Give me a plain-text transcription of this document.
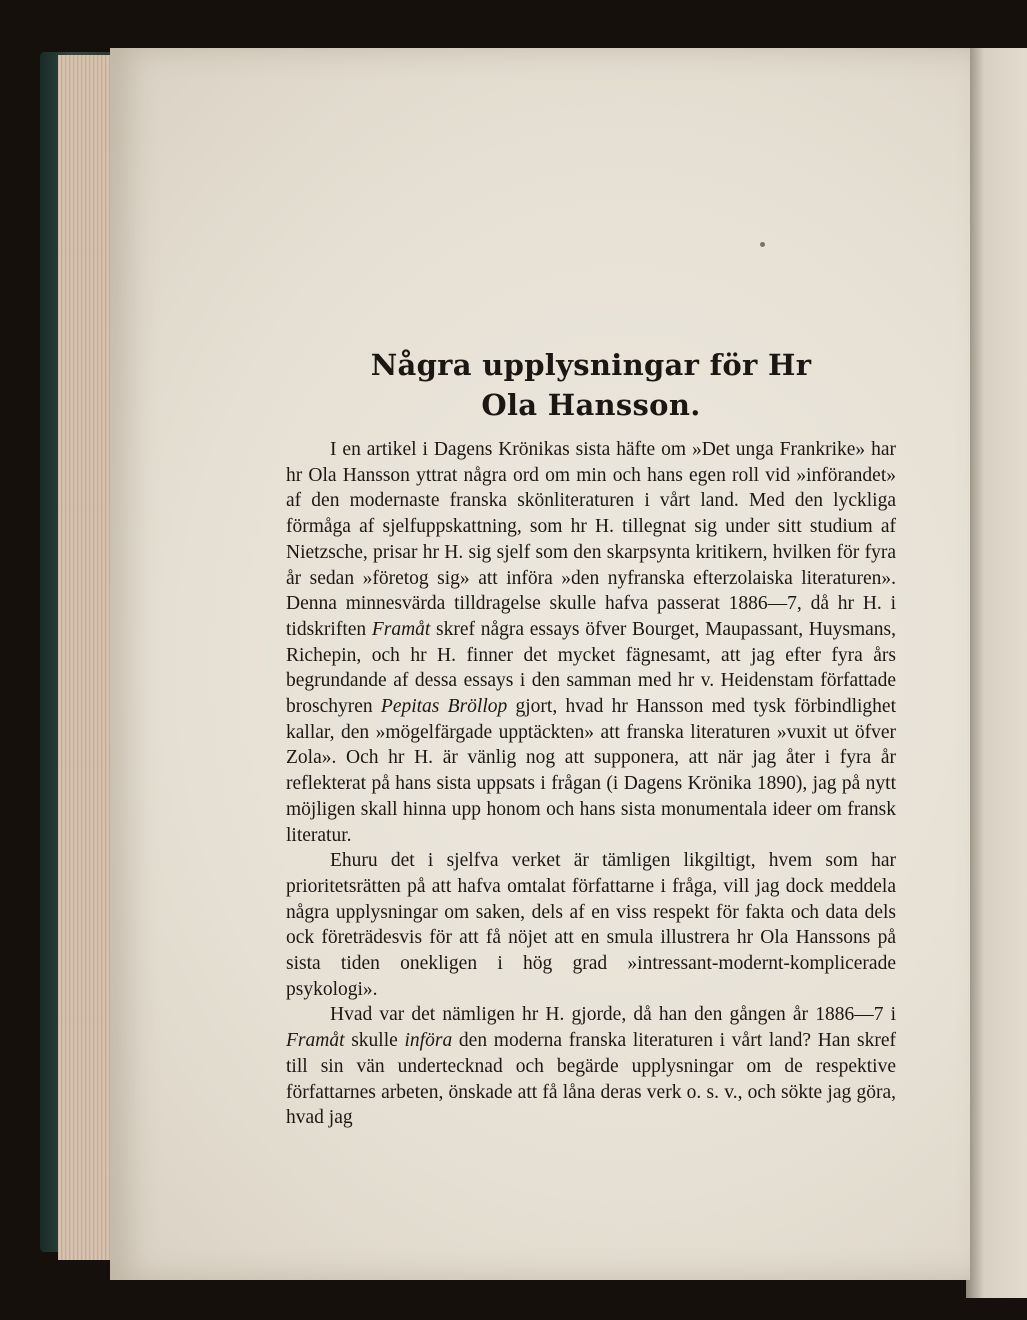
Några upplysningar för Hr
Ola Hansson.

I en artikel i Dagens Krönikas sista häfte om »Det unga Frankrike» har hr Ola Hansson yttrat några ord om min och hans egen roll vid »införandet» af den modernaste franska skönliteraturen i vårt land. Med den lyckliga förmåga af sjelfuppskattning, som hr H. tillegnat sig under sitt studium af Nietzsche, prisar hr H. sig sjelf som den skarpsynta kritikern, hvilken för fyra år sedan »företog sig» att införa »den nyfranska efterzolaiska literaturen». Denna minnesvärda tilldragelse skulle hafva passerat 1886—7, då hr H. i tidskriften Framåt skref några essays öfver Bourget, Maupassant, Huysmans, Richepin, och hr H. finner det mycket fägnesamt, att jag efter fyra års begrundande af dessa essays i den samman med hr v. Heidenstam författade broschyren Pepitas Bröllop gjort, hvad hr Hansson med tysk förbindlighet kallar, den »mögelfärgade upptäckten» att franska literaturen »vuxit ut öfver Zola». Och hr H. är vänlig nog att supponera, att när jag åter i fyra år reflekterat på hans sista uppsats i frågan (i Dagens Krönika 1890), jag på nytt möjligen skall hinna upp honom och hans sista monumentala ideer om fransk literatur.

Ehuru det i sjelfva verket är tämligen likgiltigt, hvem som har prioritetsrätten på att hafva omtalat författarne i fråga, vill jag dock meddela några upplysningar om saken, dels af en viss respekt för fakta och data dels ock företrädesvis för att få nöjet att en smula illustrera hr Ola Hanssons på sista tiden onekligen i hög grad »intressant-modernt-komplicerade psykologi».

Hvad var det nämligen hr H. gjorde, då han den gången år 1886—7 i Framåt skulle införa den moderna franska literaturen i vårt land? Han skref till sin vän undertecknad och begärde upplysningar om de respektive författarnes arbeten, önskade att få låna deras verk o. s. v., och sökte jag göra, hvad jag
